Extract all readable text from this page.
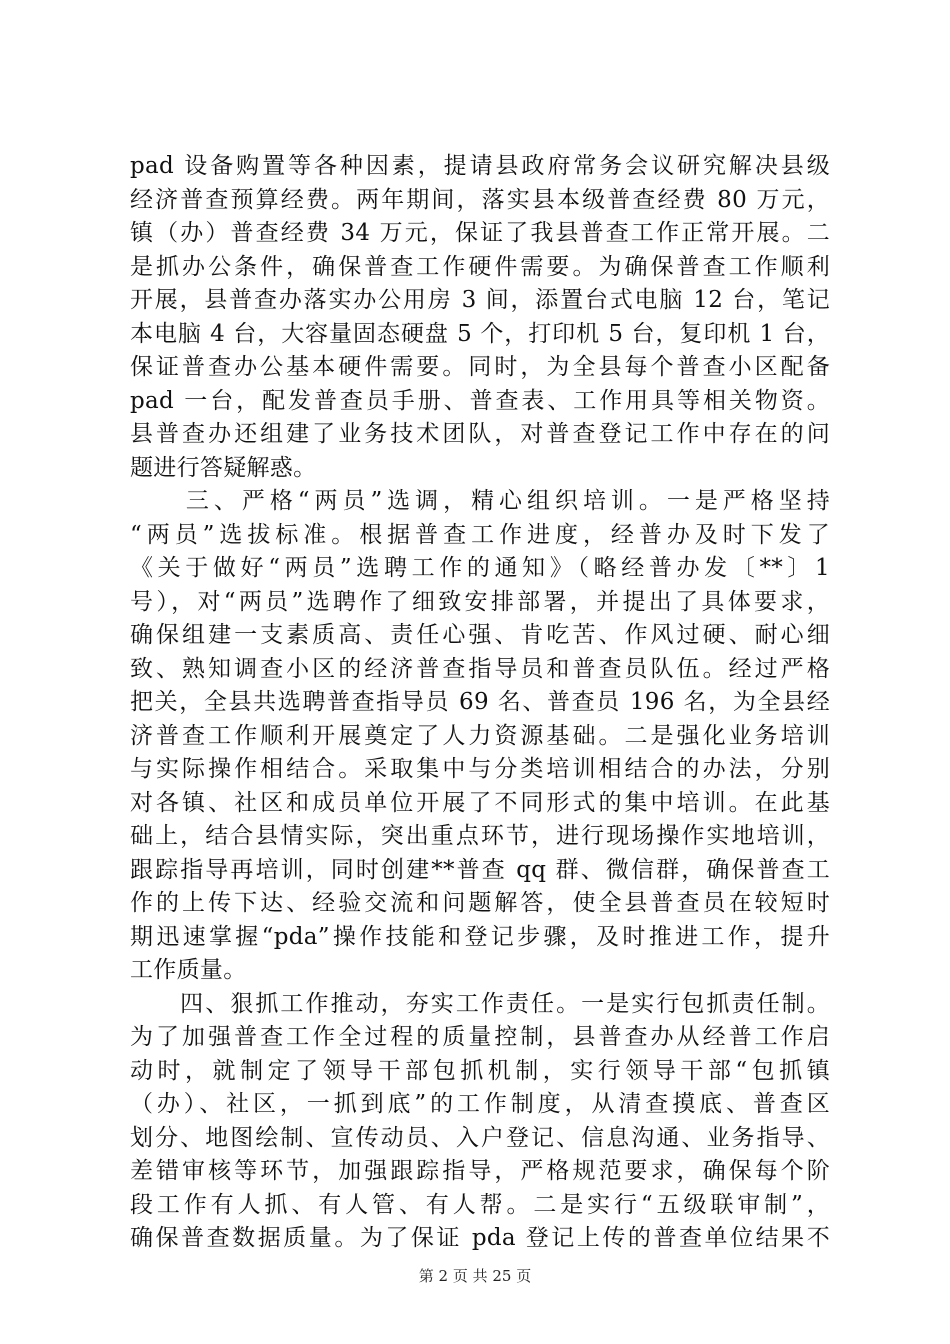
pad 设备购置等各种因素，提请县政府常务会议研究解决县级
经济普查预算经费。两年期间，落实县本级普查经费 80 万元，
镇（办）普查经费 34 万元，保证了我县普查工作正常开展。二
是抓办公条件，确保普查工作硬件需要。为确保普查工作顺利
开展，县普查办落实办公用房 3 间，添置台式电脑 12 台，笔记
本电脑 4 台，大容量固态硬盘 5 个，打印机 5 台，复印机 1 台，
保证普查办公基本硬件需要。同时，为全县每个普查小区配备
pad 一台，配发普查员手册、普查表、工作用具等相关物资。
县普查办还组建了业务技术团队，对普查登记工作中存在的问
题进行答疑解惑。
　　三、严格“两员”选调，精心组织培训。一是严格坚持
“两员”选拔标准。根据普查工作进度，经普办及时下发了
《关于做好“两员”选聘工作的通知》（略经普办发〔**〕1
号），对“两员”选聘作了细致安排部署，并提出了具体要求，
确保组建一支素质高、责任心强、肯吃苦、作风过硬、耐心细
致、熟知调查小区的经济普查指导员和普查员队伍。经过严格
把关，全县共选聘普查指导员 69 名、普查员 196 名，为全县经
济普查工作顺利开展奠定了人力资源基础。二是强化业务培训
与实际操作相结合。采取集中与分类培训相结合的办法，分别
对各镇、社区和成员单位开展了不同形式的集中培训。在此基
础上，结合县情实际，突出重点环节，进行现场操作实地培训，
跟踪指导再培训，同时创建**普查 qq 群、微信群，确保普查工
作的上传下达、经验交流和问题解答，使全县普查员在较短时
期迅速掌握“pda”操作技能和登记步骤，及时推进工作，提升
工作质量。
　　四、狠抓工作推动，夯实工作责任。一是实行包抓责任制。
为了加强普查工作全过程的质量控制，县普查办从经普工作启
动时，就制定了领导干部包抓机制，实行领导干部“包抓镇
（办）、社区，一抓到底”的工作制度，从清查摸底、普查区
划分、地图绘制、宣传动员、入户登记、信息沟通、业务指导、
差错审核等环节，加强跟踪指导，严格规范要求，确保每个阶
段工作有人抓、有人管、有人帮。二是实行“五级联审制”，
确保普查数据质量。为了保证 pda 登记上传的普查单位结果不
第 2 页 共 25 页
